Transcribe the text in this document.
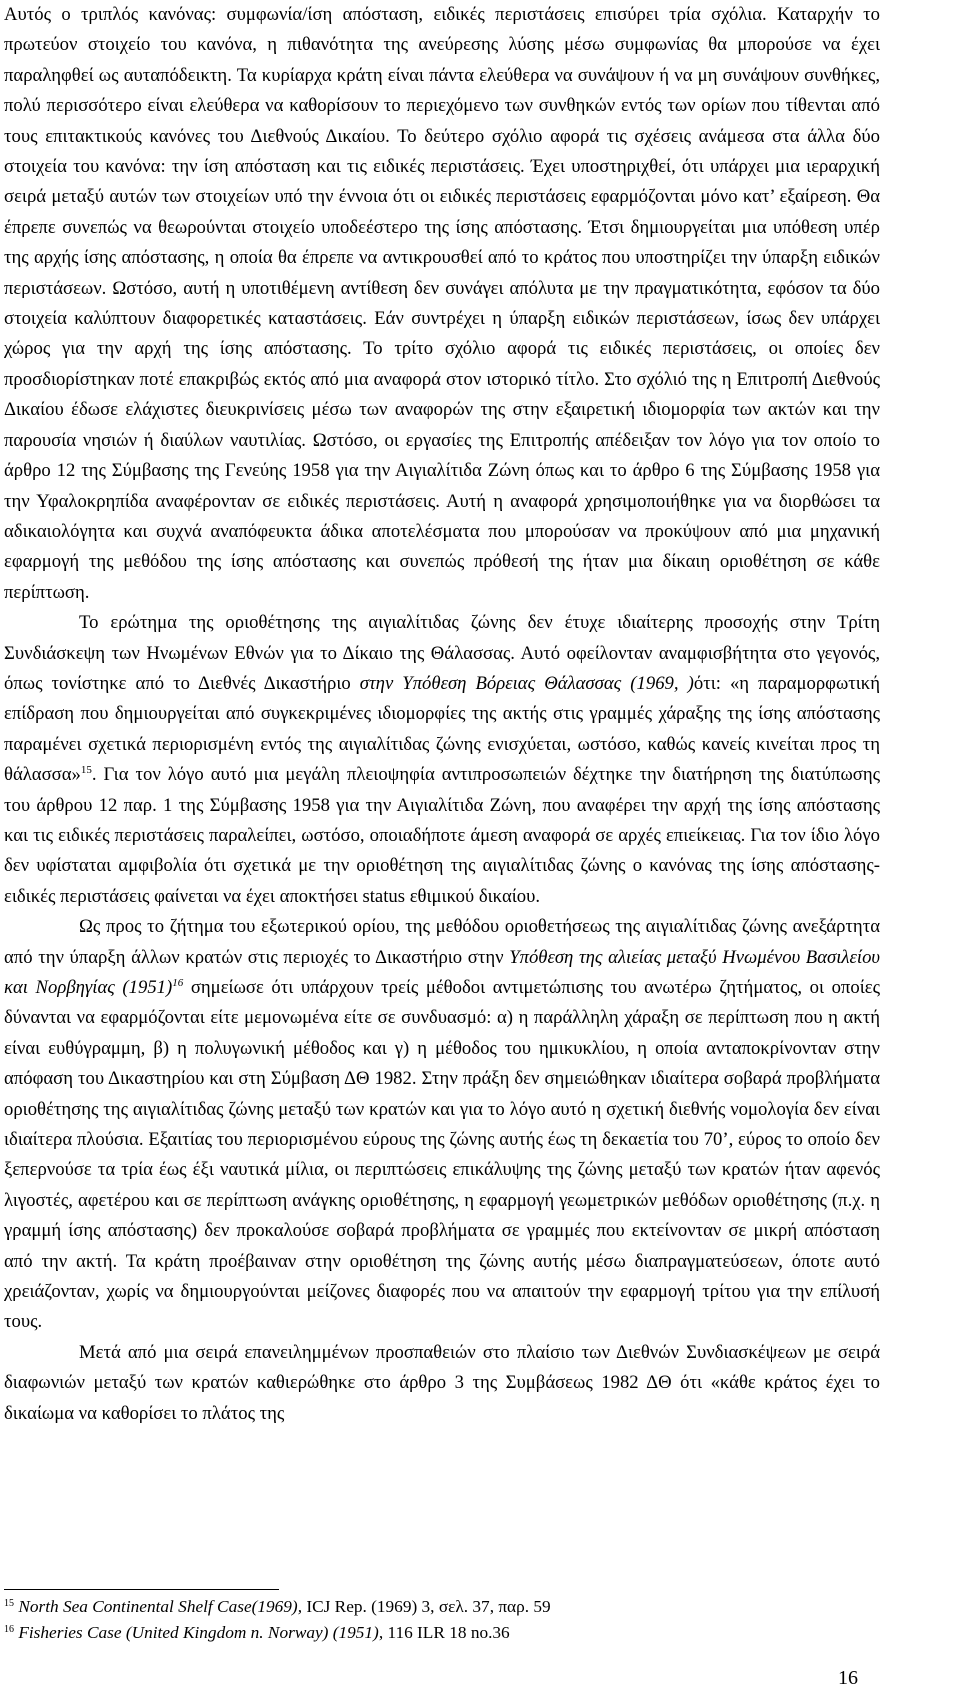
Αυτός ο τριπλός κανόνας: συμφωνία/ίση απόσταση, ειδικές περιστάσεις επισύρει τρία σχόλια. Καταρχήν το πρωτεύον στοιχείο του κανόνα, η πιθανότητα της ανεύρεσης λύσης μέσω συμφωνίας θα μπορούσε να έχει παραληφθεί ως αυταπόδεικτη. Τα κυρίαρχα κράτη είναι πάντα ελεύθερα να συνάψουν ή να μη συνάψουν συνθήκες, πολύ περισσότερο είναι ελεύθερα να καθορίσουν το περιεχόμενο των συνθηκών εντός των ορίων που τίθενται από τους επιτακτικούς κανόνες του Διεθνούς Δικαίου. Το δεύτερο σχόλιο αφορά τις σχέσεις ανάμεσα στα άλλα δύο στοιχεία του κανόνα: την ίση απόσταση και τις ειδικές περιστάσεις. Έχει υποστηριχθεί, ότι υπάρχει μια ιεραρχική σειρά μεταξύ αυτών των στοιχείων υπό την έννοια ότι οι ειδικές περιστάσεις εφαρμόζονται μόνο κατ’ εξαίρεση. Θα έπρεπε συνεπώς να θεωρούνται στοιχείο υποδεέστερο της ίσης απόστασης. Έτσι δημιουργείται μια υπόθεση υπέρ της αρχής ίσης απόστασης, η οποία θα έπρεπε να αντικρουσθεί από το κράτος που υποστηρίζει την ύπαρξη ειδικών περιστάσεων. Ωστόσο, αυτή η υποτιθέμενη αντίθεση δεν συνάγει απόλυτα με την πραγματικότητα, εφόσον τα δύο στοιχεία καλύπτουν διαφορετικές καταστάσεις. Εάν συντρέχει η ύπαρξη ειδικών περιστάσεων, ίσως δεν υπάρχει χώρος για την αρχή της ίσης απόστασης. Το τρίτο σχόλιο αφορά τις ειδικές περιστάσεις, οι οποίες δεν προσδιορίστηκαν ποτέ επακριβώς εκτός από μια αναφορά στον ιστορικό τίτλο. Στο σχόλιό της η Επιτροπή Διεθνούς Δικαίου έδωσε ελάχιστες διευκρινίσεις μέσω των αναφορών της στην εξαιρετική ιδιομορφία των ακτών και την παρουσία νησιών ή διαύλων ναυτιλίας. Ωστόσο, οι εργασίες της Επιτροπής απέδειξαν τον λόγο για τον οποίο το άρθρο 12 της Σύμβασης της Γενεύης 1958 για την Αιγιαλίτιδα Ζώνη όπως και το άρθρο 6 της Σύμβασης 1958 για την Υφαλοκρηπίδα αναφέρονταν σε ειδικές περιστάσεις. Αυτή η αναφορά χρησιμοποιήθηκε για να διορθώσει τα αδικαιολόγητα και συχνά αναπόφευκτα άδικα αποτελέσματα που μπορούσαν να προκύψουν από μια μηχανική εφαρμογή της μεθόδου της ίσης απόστασης και συνεπώς πρόθεσή της ήταν μια δίκαιη οριοθέτηση σε κάθε περίπτωση.

Το ερώτημα της οριοθέτησης της αιγιαλίτιδας ζώνης δεν έτυχε ιδιαίτερης προσοχής στην Τρίτη Συνδιάσκεψη των Ηνωμένων Εθνών για το Δίκαιο της Θάλασσας. Αυτό οφείλονταν αναμφισβήτητα στο γεγονός, όπως τονίστηκε από το Διεθνές Δικαστήριο στην Υπόθεση Βόρειας Θάλασσας (1969, )ότι: «η παραμορφωτική επίδραση που δημιουργείται από συγκεκριμένες ιδιομορφίες της ακτής στις γραμμές χάραξης της ίσης απόστασης παραμένει σχετικά περιορισμένη εντός της αιγιαλίτιδας ζώνης ενισχύεται, ωστόσο, καθώς κανείς κινείται προς τη θάλασσα»$^{15}$. Για τον λόγο αυτό μια μεγάλη πλειοψηφία αντιπροσωπειών δέχτηκε την διατήρηση της διατύπωσης του άρθρου 12 παρ. 1 της Σύμβασης 1958 για την Αιγιαλίτιδα Ζώνη, που αναφέρει την αρχή της ίσης απόστασης και τις ειδικές περιστάσεις παραλείπει, ωστόσο, οποιαδήποτε άμεση αναφορά σε αρχές επιείκειας. Για τον ίδιο λόγο δεν υφίσταται αμφιβολία ότι σχετικά με την οριοθέτηση της αιγιαλίτιδας ζώνης ο κανόνας της ίσης απόστασης-ειδικές περιστάσεις φαίνεται να έχει αποκτήσει status εθιμικού δικαίου.

Ως προς το ζήτημα του εξωτερικού ορίου, της μεθόδου οριοθετήσεως της αιγιαλίτιδας ζώνης ανεξάρτητα από την ύπαρξη άλλων κρατών στις περιοχές το Δικαστήριο στην Υπόθεση της αλιείας μεταξύ Ηνωμένου Βασιλείου και Νορβηγίας $(1951)^{16}$ σημείωσε ότι υπάρχουν τρείς μέθοδοι αντιμετώπισης του ανωτέρω ζητήματος, οι οποίες δύνανται να εφαρμόζονται είτε μεμονωμένα είτε σε συνδυασμό: α) η παράλληλη χάραξη σε περίπτωση που η ακτή είναι ευθύγραμμη, β) η πολυγωνική μέθοδος και γ) η μέθοδος του ημικυκλίου, η οποία ανταποκρίνονταν στην απόφαση του Δικαστηρίου και στη Σύμβαση ΔΘ 1982. Στην πράξη δεν σημειώθηκαν ιδιαίτερα σοβαρά προβλήματα οριοθέτησης της αιγιαλίτιδας ζώνης μεταξύ των κρατών και για το λόγο αυτό η σχετική διεθνής νομολογία δεν είναι ιδιαίτερα πλούσια. Εξαιτίας του περιορισμένου εύρους της ζώνης αυτής έως τη δεκαετία του 70’, εύρος το οποίο δεν ξεπερνούσε τα τρία έως έξι ναυτικά μίλια, οι περιπτώσεις επικάλυψης της ζώνης μεταξύ των κρατών ήταν αφενός λιγοστές, αφετέρου και σε περίπτωση ανάγκης οριοθέτησης, η εφαρμογή γεωμετρικών μεθόδων οριοθέτησης (π.χ. η γραμμή ίσης απόστασης) δεν προκαλούσε σοβαρά προβλήματα σε γραμμές που εκτείνονταν σε μικρή απόσταση από την ακτή. Τα κράτη προέβαιναν στην οριοθέτηση της ζώνης αυτής μέσω διαπραγματεύσεων, όποτε αυτό χρειάζονταν, χωρίς να δημιουργούνται μείζονες διαφορές που να απαιτούν την εφαρμογή τρίτου για την επίλυσή τους.

Μετά από μια σειρά επανειλημμένων προσπαθειών στο πλαίσιο των Διεθνών Συνδιασκέψεων με σειρά διαφωνιών μεταξύ των κρατών καθιερώθηκε στο άρθρο 3 της Συμβάσεως 1982 ΔΘ ότι «κάθε κράτος έχει το δικαίωμα να καθορίσει το πλάτος της

$^{15}$ North Sea Continental Shelf Case(1969), ICJ Rep. (1969) 3, σελ. 37, παρ. 59

$^{16}$ Fisheries Case (United Kingdom n. Norway) (1951), 116 ILR 18 no.36

16
